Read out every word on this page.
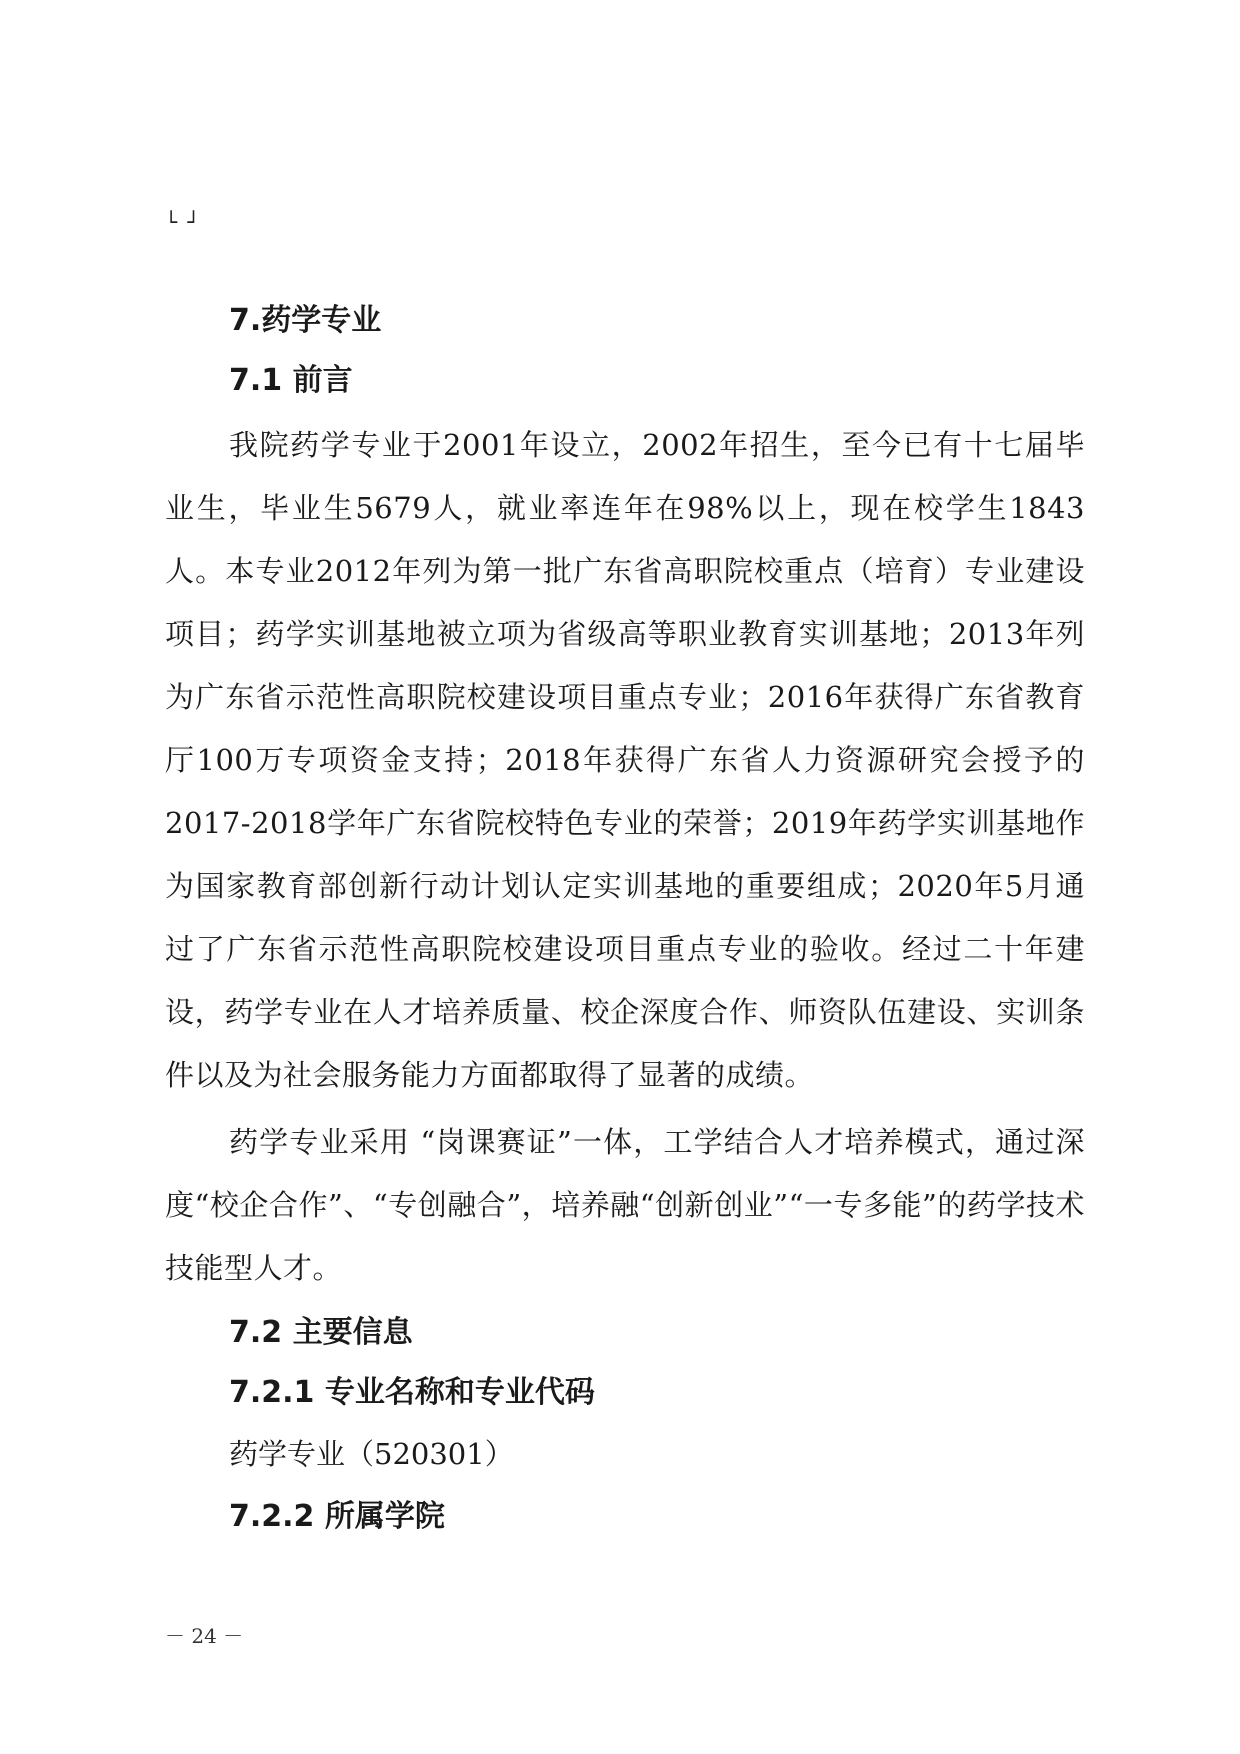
└ ┘
7.药学专业
7.1 前言

我院药学专业于2001年设立，2002年招生，至今已有十七届毕业生，毕业生5679人，就业率连年在98%以上，现在校学生1843人。本专业2012年列为第一批广东省高职院校重点（培育）专业建设项目；药学实训基地被立项为省级高等职业教育实训基地；2013年列为广东省示范性高职院校建设项目重点专业；2016年获得广东省教育厅100万专项资金支持；2018年获得广东省人力资源研究会授予的2017-2018学年广东省院校特色专业的荣誉；2019年药学实训基地作为国家教育部创新行动计划认定实训基地的重要组成；2020年5月通过了广东省示范性高职院校建设项目重点专业的验收。经过二十年建设，药学专业在人才培养质量、校企深度合作、师资队伍建设、实训条件以及为社会服务能力方面都取得了显著的成绩。

药学专业采用 “岗课赛证”一体，工学结合人才培养模式，通过深度“校企合作”、“专创融合”，培养融“创新创业”“一专多能”的药学技术技能型人才。

7.2 主要信息
7.2.1 专业名称和专业代码

药学专业（520301）

7.2.2 所属学院
－ 24 －
